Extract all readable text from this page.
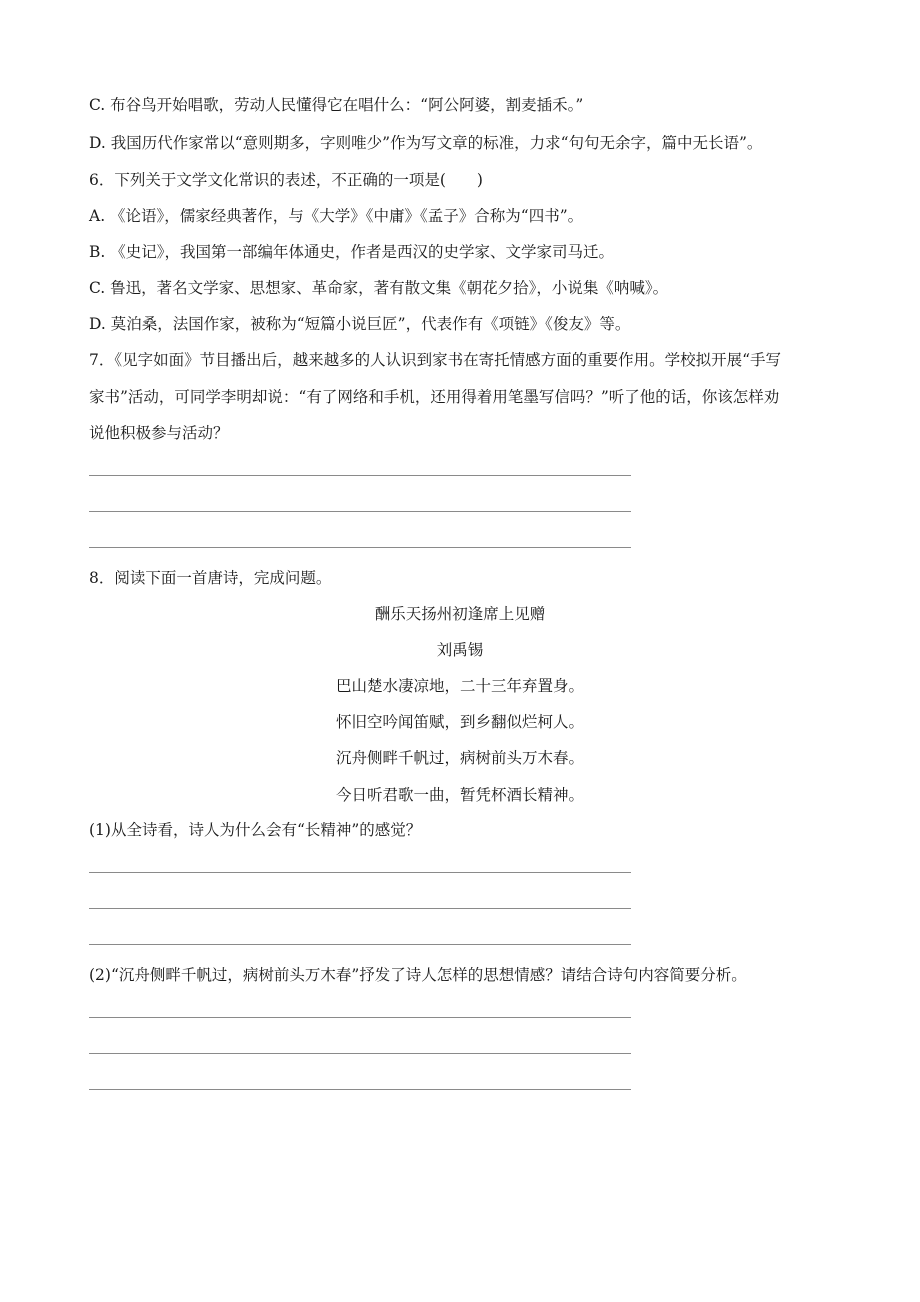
C. 布谷鸟开始唱歌，劳动人民懂得它在唱什么：“阿公阿婆，割麦插禾。”
D. 我国历代作家常以“意则期多，字则唯少”作为写文章的标准，力求“句句无余字，篇中无长语”。
6．下列关于文学文化常识的表述，不正确的一项是(　　)
A. 《论语》，儒家经典著作，与《大学》《中庸》《孟子》合称为“四书”。
B. 《史记》，我国第一部编年体通史，作者是西汉的史学家、文学家司马迁。
C. 鲁迅，著名文学家、思想家、革命家，著有散文集《朝花夕拾》，小说集《呐喊》。
D. 莫泊桑，法国作家，被称为“短篇小说巨匠”，代表作有《项链》《俊友》等。
7．《见字如面》节目播出后，越来越多的人认识到家书在寄托情感方面的重要作用。学校拟开展“手写
家书”活动，可同学李明却说：“有了网络和手机，还用得着用笔墨写信吗？”听了他的话，你该怎样劝
说他积极参与活动？
8．阅读下面一首唐诗，完成问题。
酬乐天扬州初逢席上见赠
刘禹锡
巴山楚水凄凉地，二十三年弃置身。
怀旧空吟闻笛赋，到乡翻似烂柯人。
沉舟侧畔千帆过，病树前头万木春。
今日听君歌一曲，暂凭杯酒长精神。
(1)从全诗看，诗人为什么会有“长精神”的感觉？
(2)“沉舟侧畔千帆过，病树前头万木春”抒发了诗人怎样的思想情感？请结合诗句内容简要分析。
